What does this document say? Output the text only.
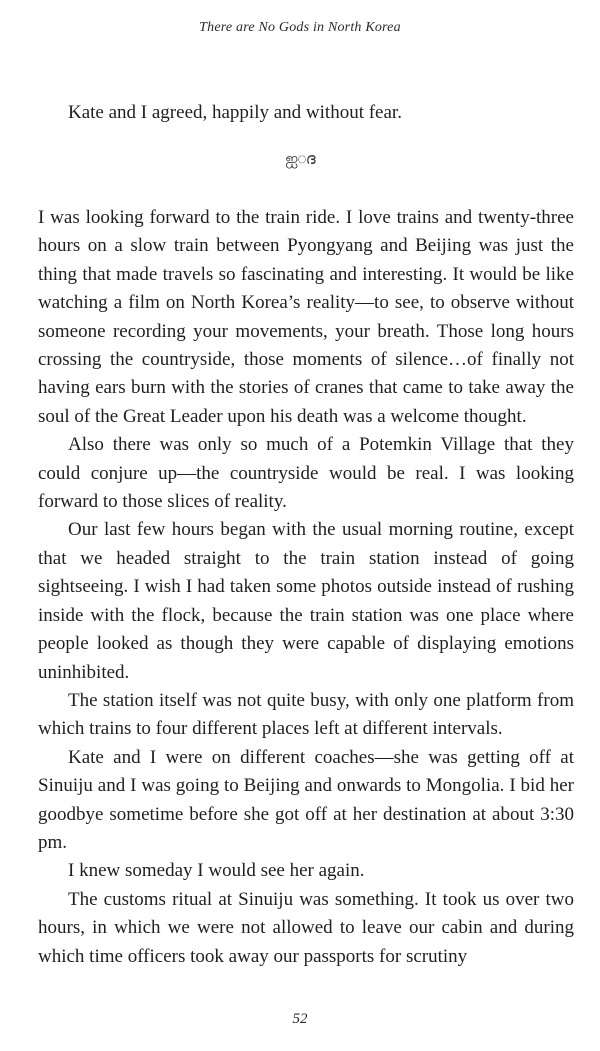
There are No Gods in North Korea

Kate and I agreed, happily and without fear.

ஐ◌ദ

I was looking forward to the train ride. I love trains and twenty-three hours on a slow train between Pyongyang and Beijing was just the thing that made travels so fascinating and interesting. It would be like watching a film on North Korea’s reality—to see, to observe without someone recording your movements, your breath. Those long hours crossing the countryside, those moments of silence…of finally not having ears burn with the stories of cranes that came to take away the soul of the Great Leader upon his death was a welcome thought.

Also there was only so much of a Potemkin Village that they could conjure up—the countryside would be real. I was looking forward to those slices of reality.

Our last few hours began with the usual morning routine, except that we headed straight to the train station instead of going sightseeing. I wish I had taken some photos outside instead of rushing inside with the flock, because the train station was one place where people looked as though they were capable of displaying emotions uninhibited.

The station itself was not quite busy, with only one platform from which trains to four different places left at different intervals.

Kate and I were on different coaches—she was getting off at Sinuiju and I was going to Beijing and onwards to Mongolia. I bid her goodbye sometime before she got off at her destination at about 3:30 pm.

I knew someday I would see her again.

The customs ritual at Sinuiju was something. It took us over two hours, in which we were not allowed to leave our cabin and during which time officers took away our passports for scrutiny

52
